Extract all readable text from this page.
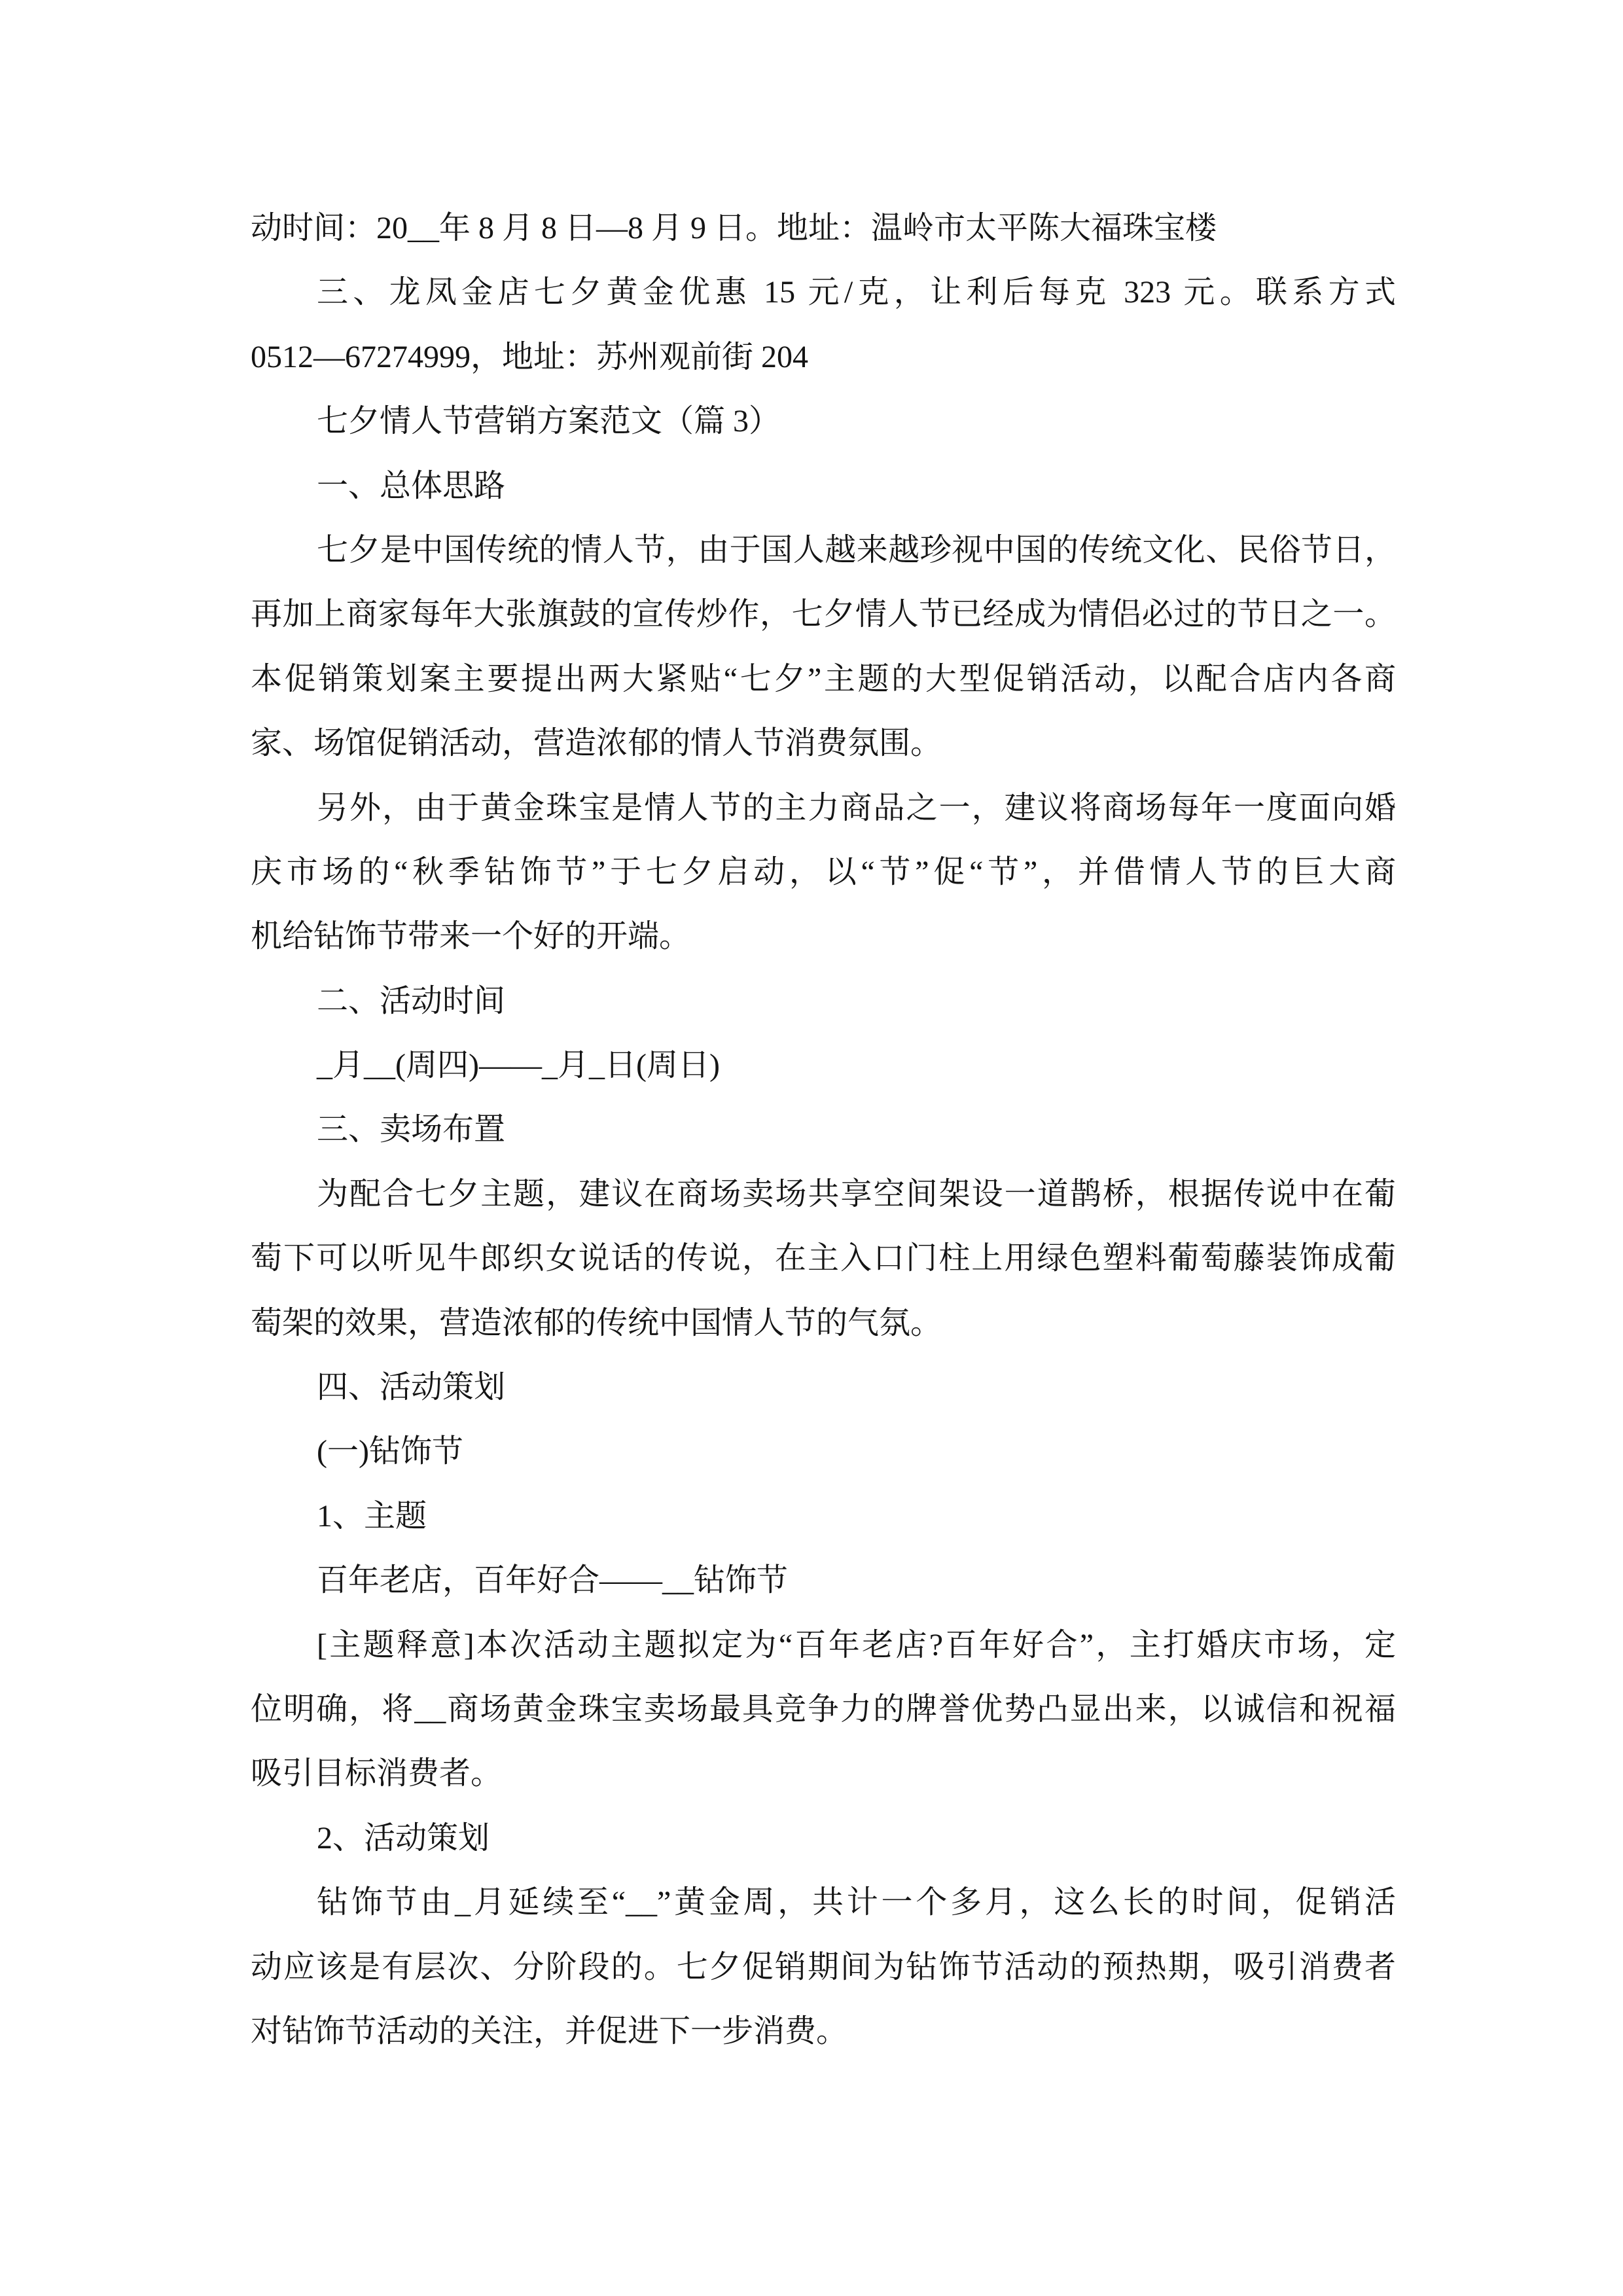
动时间：20__年 8 月 8 日—8 月 9 日。地址：温岭市太平陈大福珠宝楼
三、龙凤金店七夕黄金优惠 15 元/克，让利后每克 323 元。联系方式
0512—67274999，地址：苏州观前街 204
七夕情人节营销方案范文（篇 3）
一、总体思路
七夕是中国传统的情人节，由于国人越来越珍视中国的传统文化、民俗节日，
再加上商家每年大张旗鼓的宣传炒作，七夕情人节已经成为情侣必过的节日之一。
本促销策划案主要提出两大紧贴“七夕”主题的大型促销活动，以配合店内各商
家、场馆促销活动，营造浓郁的情人节消费氛围。
另外，由于黄金珠宝是情人节的主力商品之一，建议将商场每年一度面向婚
庆市场的“秋季钻饰节”于七夕启动，以“节”促“节”，并借情人节的巨大商
机给钻饰节带来一个好的开端。
二、活动时间
_月__(周四)——_月_日(周日)
三、卖场布置
为配合七夕主题，建议在商场卖场共享空间架设一道鹊桥，根据传说中在葡
萄下可以听见牛郎织女说话的传说，在主入口门柱上用绿色塑料葡萄藤装饰成葡
萄架的效果，营造浓郁的传统中国情人节的气氛。
四、活动策划
(一)钻饰节
1、主题
百年老店，百年好合——__钻饰节
[主题释意]本次活动主题拟定为“百年老店?百年好合”，主打婚庆市场，定
位明确，将__商场黄金珠宝卖场最具竞争力的牌誉优势凸显出来，以诚信和祝福
吸引目标消费者。
2、活动策划
钻饰节由_月延续至“__”黄金周，共计一个多月，这么长的时间，促销活
动应该是有层次、分阶段的。七夕促销期间为钻饰节活动的预热期，吸引消费者
对钻饰节活动的关注，并促进下一步消费。
